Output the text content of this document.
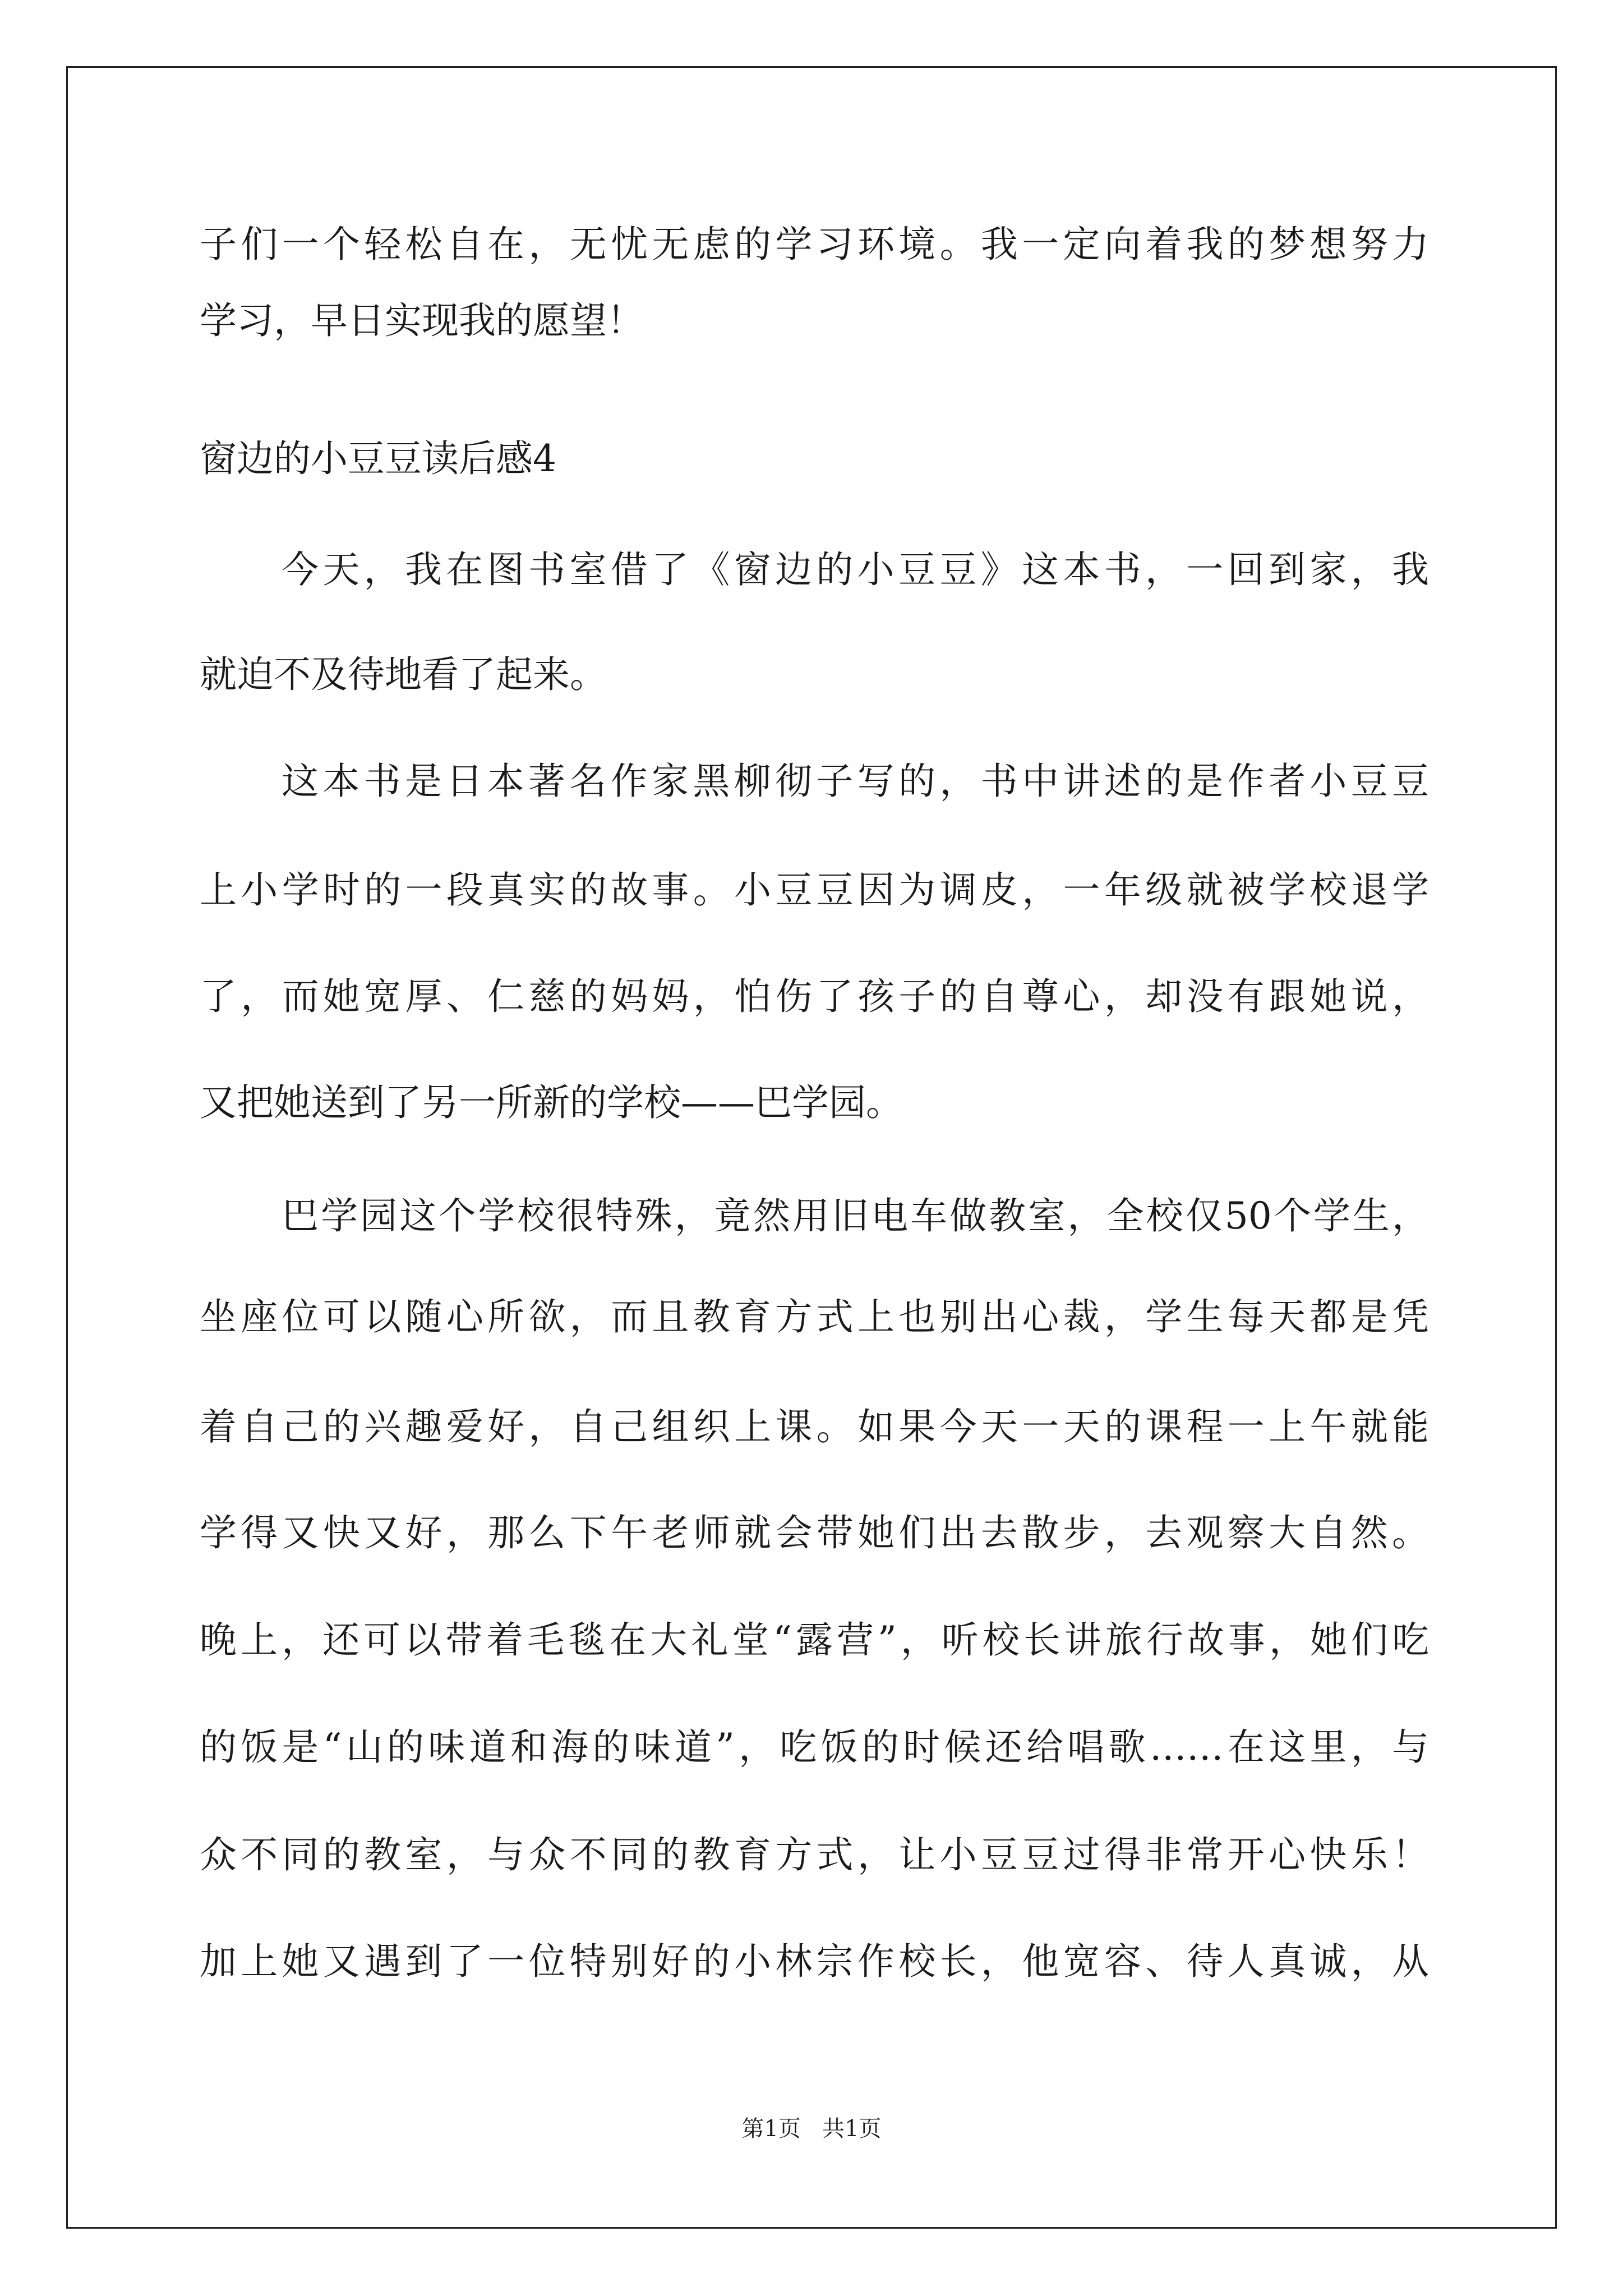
子们一个轻松自在，无忧无虑的学习环境。我一定向着我的梦想努力
学习，早日实现我的愿望！
窗边的小豆豆读后感4
今天，我在图书室借了《窗边的小豆豆》这本书，一回到家，我
就迫不及待地看了起来。
这本书是日本著名作家黑柳彻子写的，书中讲述的是作者小豆豆
上小学时的一段真实的故事。小豆豆因为调皮，一年级就被学校退学
了，而她宽厚、仁慈的妈妈，怕伤了孩子的自尊心，却没有跟她说，
又把她送到了另一所新的学校——巴学园。
巴学园这个学校很特殊，竟然用旧电车做教室，全校仅50个学生，
坐座位可以随心所欲，而且教育方式上也别出心裁，学生每天都是凭
着自己的兴趣爱好，自己组织上课。如果今天一天的课程一上午就能
学得又快又好，那么下午老师就会带她们出去散步，去观察大自然。
晚上，还可以带着毛毯在大礼堂“露营”，听校长讲旅行故事，她们吃
的饭是“山的味道和海的味道”，吃饭的时候还给唱歌……在这里，与
众不同的教室，与众不同的教育方式，让小豆豆过得非常开心快乐！
加上她又遇到了一位特别好的小林宗作校长，他宽容、待人真诚，从
第1页   共1页
